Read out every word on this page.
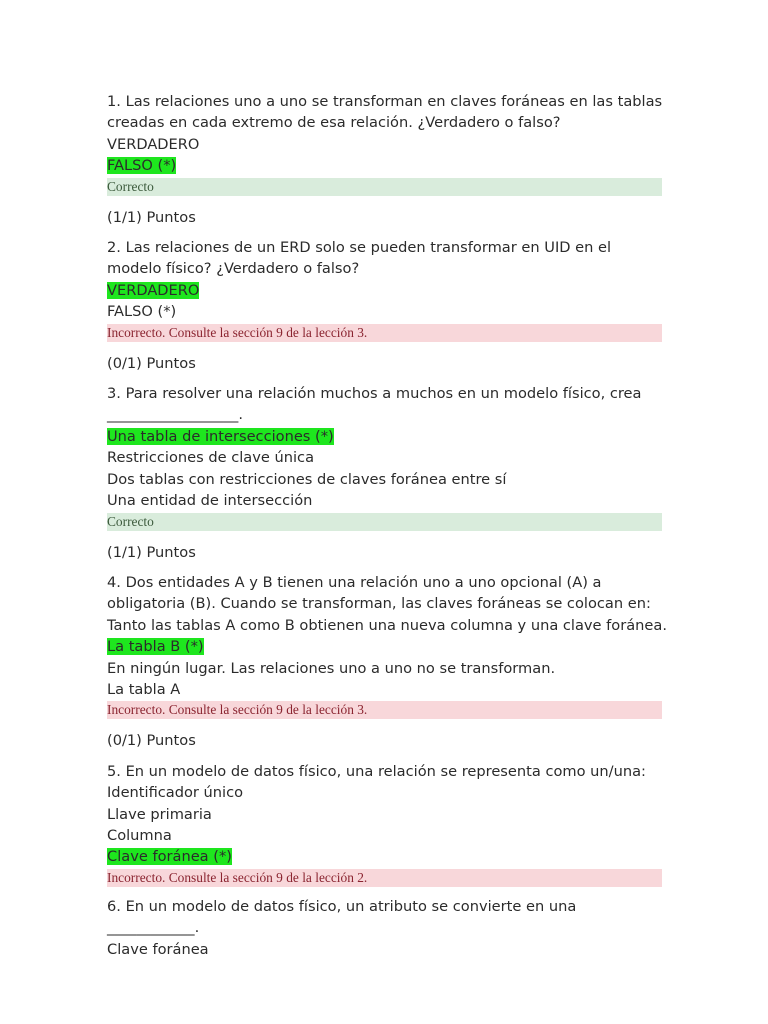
1. Las relaciones uno a uno se transforman en claves foráneas en las tablas creadas en cada extremo de esa relación. ¿Verdadero o falso?

VERDADERO
FALSO (*)
Correcto
(1/1) Puntos

2. Las relaciones de un ERD solo se pueden transformar en UID en el modelo físico? ¿Verdadero o falso?

VERDADERO
FALSO (*)
Incorrecto. Consulte la sección 9 de la lección 3.
(0/1) Puntos

3. Para resolver una relación muchos a muchos en un modelo físico, crea __________________.

Una tabla de intersecciones (*)
Restricciones de clave única
Dos tablas con restricciones de claves foránea entre sí
Una entidad de intersección
Correcto
(1/1) Puntos

4. Dos entidades A y B tienen una relación uno a uno opcional (A) a obligatoria (B). Cuando se transforman, las claves foráneas se colocan en:

Tanto las tablas A como B obtienen una nueva columna y una clave foránea.
La tabla B (*)
En ningún lugar. Las relaciones uno a uno no se transforman.
La tabla A
Incorrecto. Consulte la sección 9 de la lección 3.
(0/1) Puntos

5. En un modelo de datos físico, una relación se representa como un/una:

Identificador único
Llave primaria
Columna
Clave foránea (*)
Incorrecto. Consulte la sección 9 de la lección 2.

6. En un modelo de datos físico, un atributo se convierte en una ____________.

Clave foránea
